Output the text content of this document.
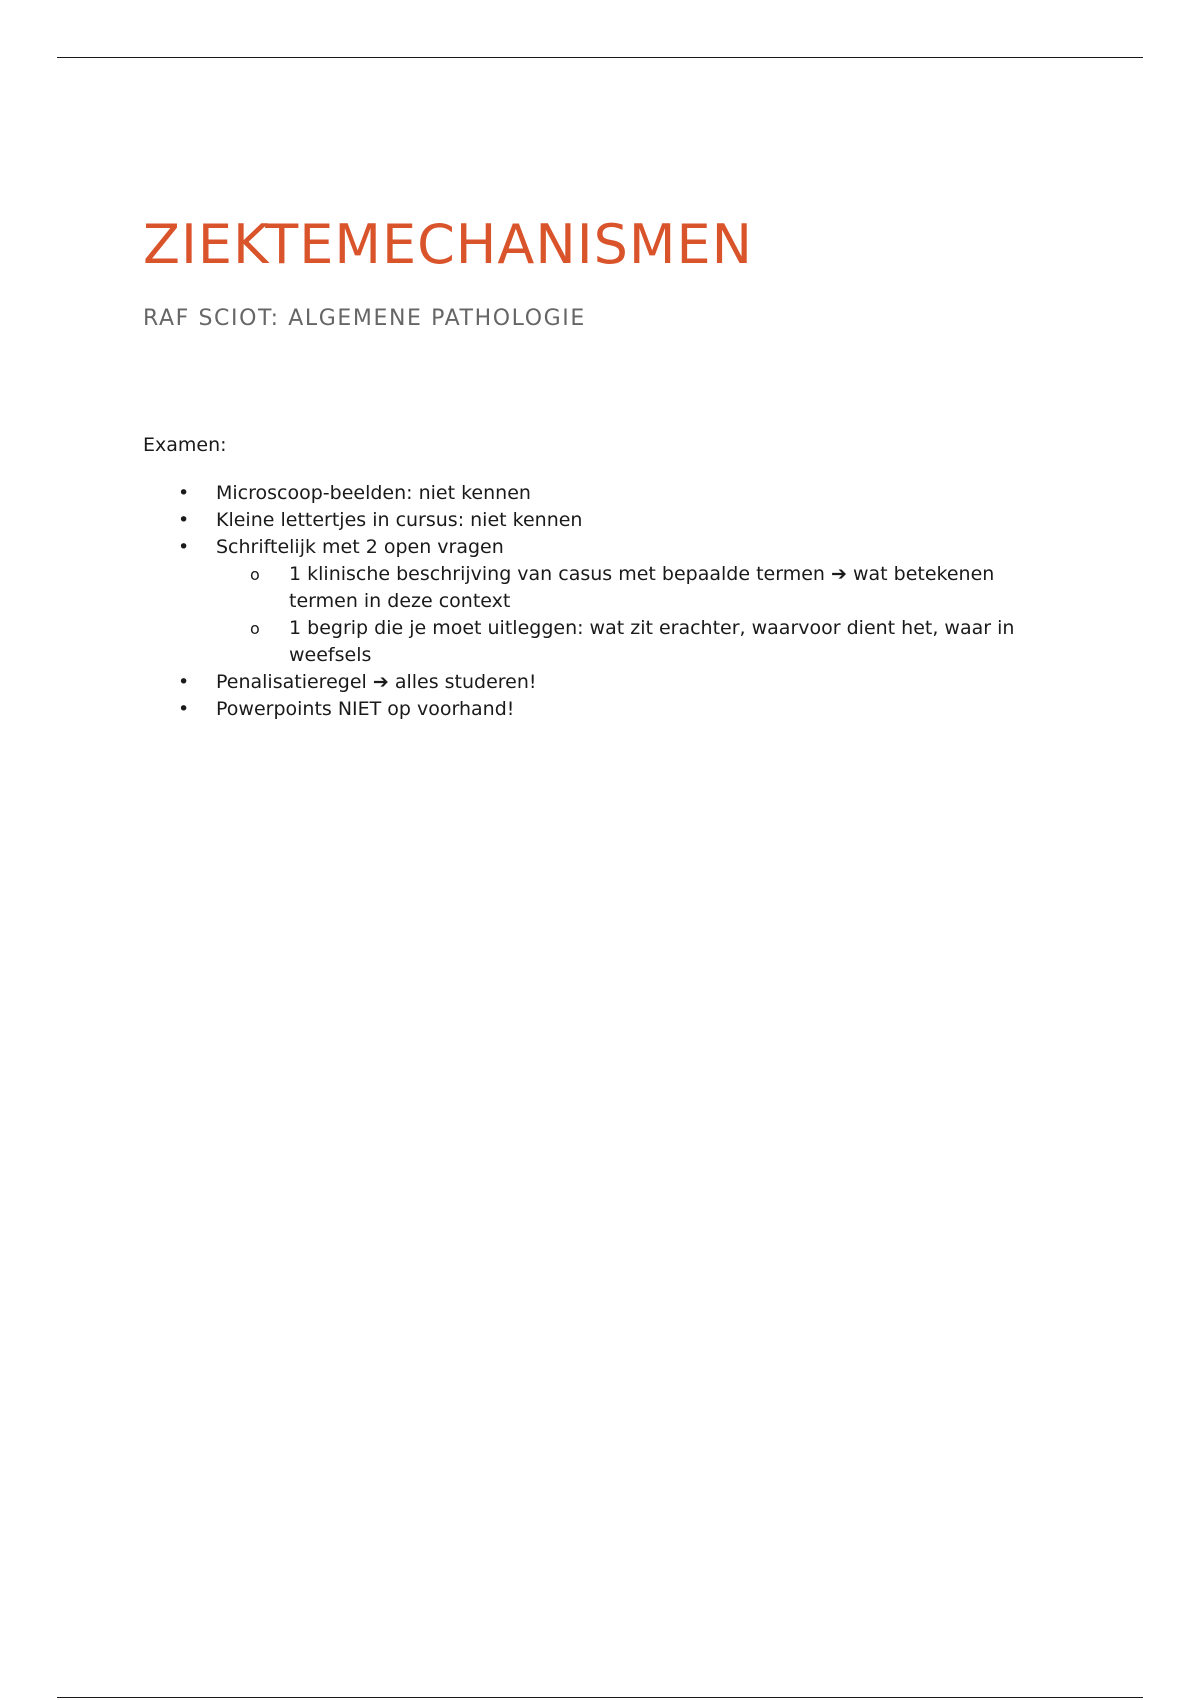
ZIEKTEMECHANISMEN
RAF SCIOT: ALGEMENE PATHOLOGIE
Examen:
•	Microscoop-beelden: niet kennen
•	Kleine lettertjes in cursus: niet kennen
•	Schriftelijk met 2 open vragen
o 1 klinische beschrijving van casus met bepaalde termen ➔ wat betekenen termen in deze context
o 1 begrip die je moet uitleggen: wat zit erachter, waarvoor dient het, waar in weefsels
•	Penalisatieregel ➔ alles studeren!
•	Powerpoints NIET op voorhand!
